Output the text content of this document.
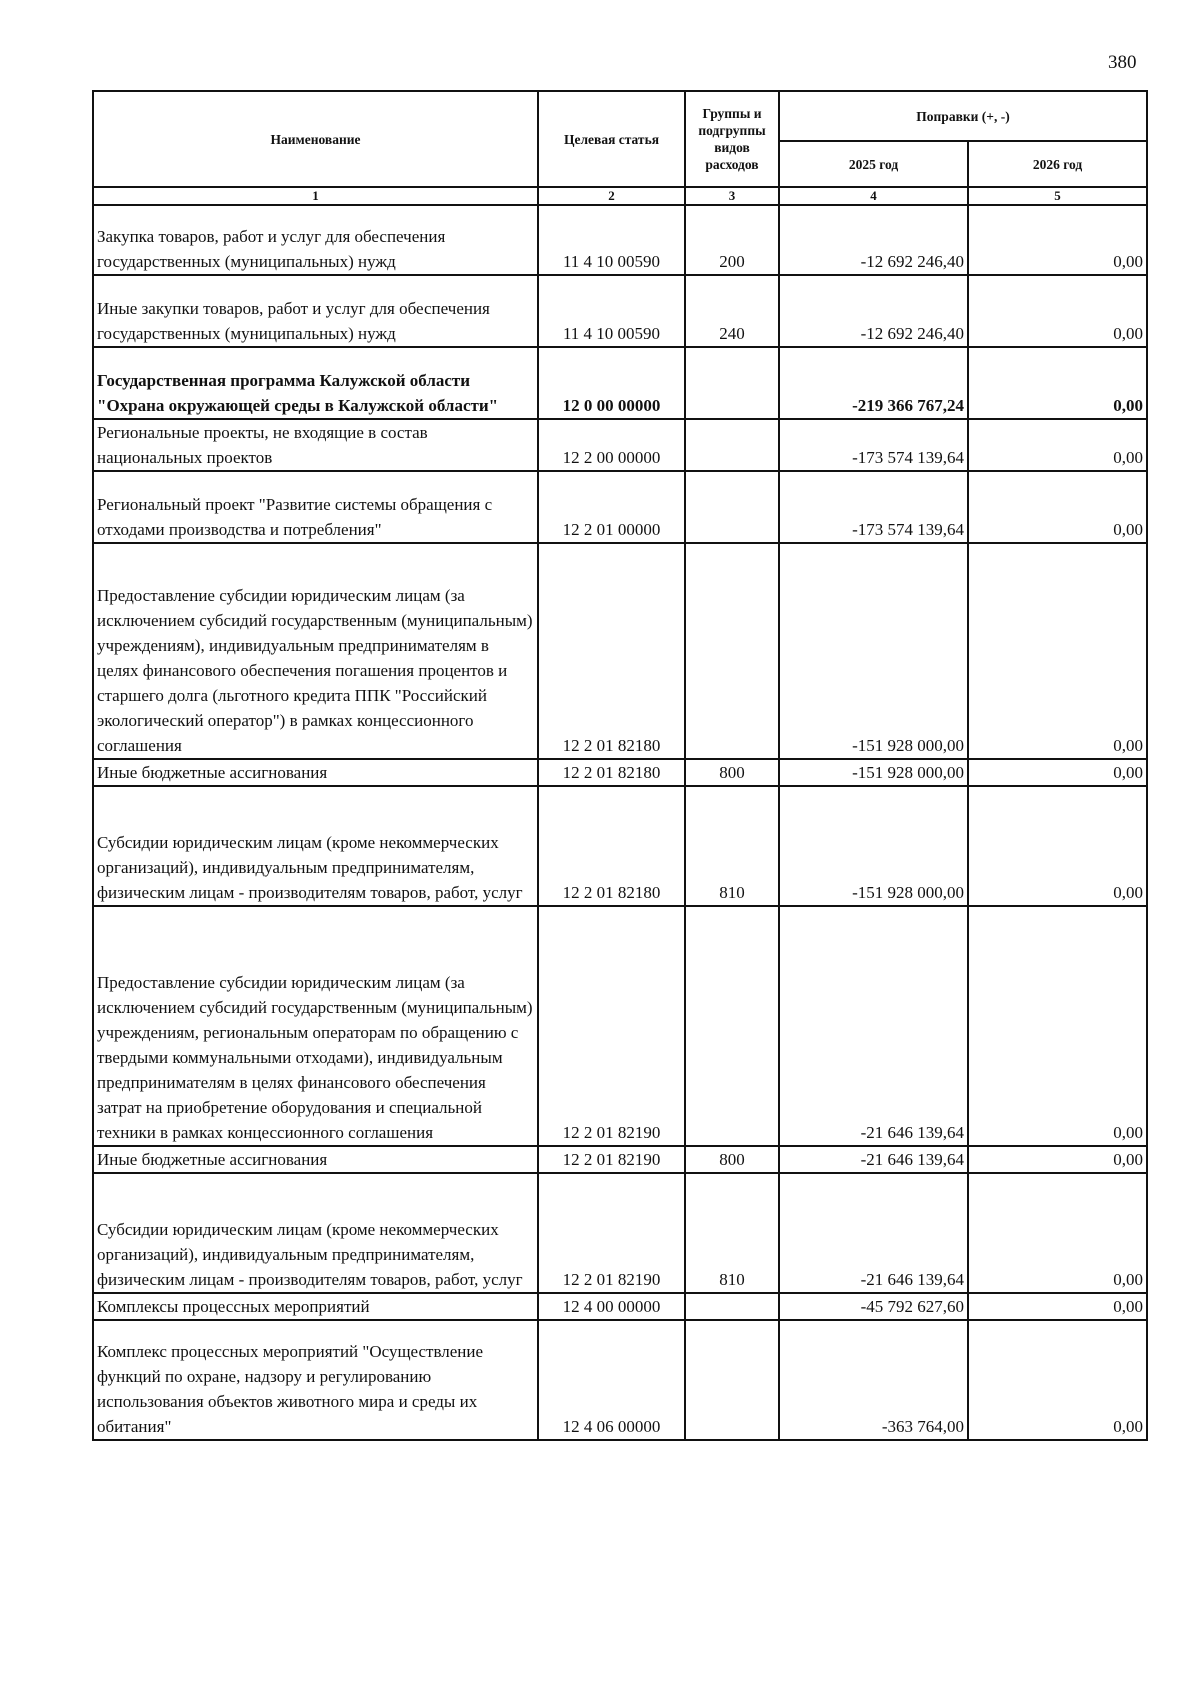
380
Наименование	Целевая статья	Группы и подгруппы видов расходов	Поправки (+, -)	
			2025 год	2026 год
1	2	3	4	5
Закупка товаров, работ и услуг для обеспечения государственных (муниципальных) нужд	11 4 10 00590	200	-12 692 246,40	0,00
Иные закупки товаров, работ и услуг для обеспечения государственных (муниципальных) нужд	11 4 10 00590	240	-12 692 246,40	0,00
Государственная программа Калужской области "Охрана окружающей среды в Калужской области"	12 0 00 00000		-219 366 767,24	0,00
Региональные проекты, не входящие в состав национальных проектов	12 2 00 00000		-173 574 139,64	0,00
Региональный проект "Развитие системы обращения с отходами производства и потребления"	12 2 01 00000		-173 574 139,64	0,00
Предоставление субсидии юридическим лицам (за исключением субсидий государственным (муниципальным) учреждениям), индивидуальным предпринимателям в целях финансового обеспечения погашения процентов и старшего долга (льготного кредита ППК "Российский экологический оператор") в рамках концессионного соглашения	12 2 01 82180		-151 928 000,00	0,00
Иные бюджетные ассигнования	12 2 01 82180	800	-151 928 000,00	0,00
Субсидии юридическим лицам (кроме некоммерческих организаций), индивидуальным предпринимателям, физическим лицам - производителям товаров, работ, услуг	12 2 01 82180	810	-151 928 000,00	0,00
Предоставление субсидии юридическим лицам (за исключением субсидий государственным (муниципальным) учреждениям, региональным операторам по обращению с твердыми коммунальными отходами), индивидуальным предпринимателям в целях финансового обеспечения затрат на приобретение оборудования и специальной техники в рамках концессионного соглашения	12 2 01 82190		-21 646 139,64	0,00
Иные бюджетные ассигнования	12 2 01 82190	800	-21 646 139,64	0,00
Субсидии юридическим лицам (кроме некоммерческих организаций), индивидуальным предпринимателям, физическим лицам - производителям товаров, работ, услуг	12 2 01 82190	810	-21 646 139,64	0,00
Комплексы процессных мероприятий	12 4 00 00000		-45 792 627,60	0,00
Комплекс процессных мероприятий "Осуществление функций по охране, надзору и регулированию использования объектов животного мира и среды их обитания"	12 4 06 00000		-363 764,00	0,00
